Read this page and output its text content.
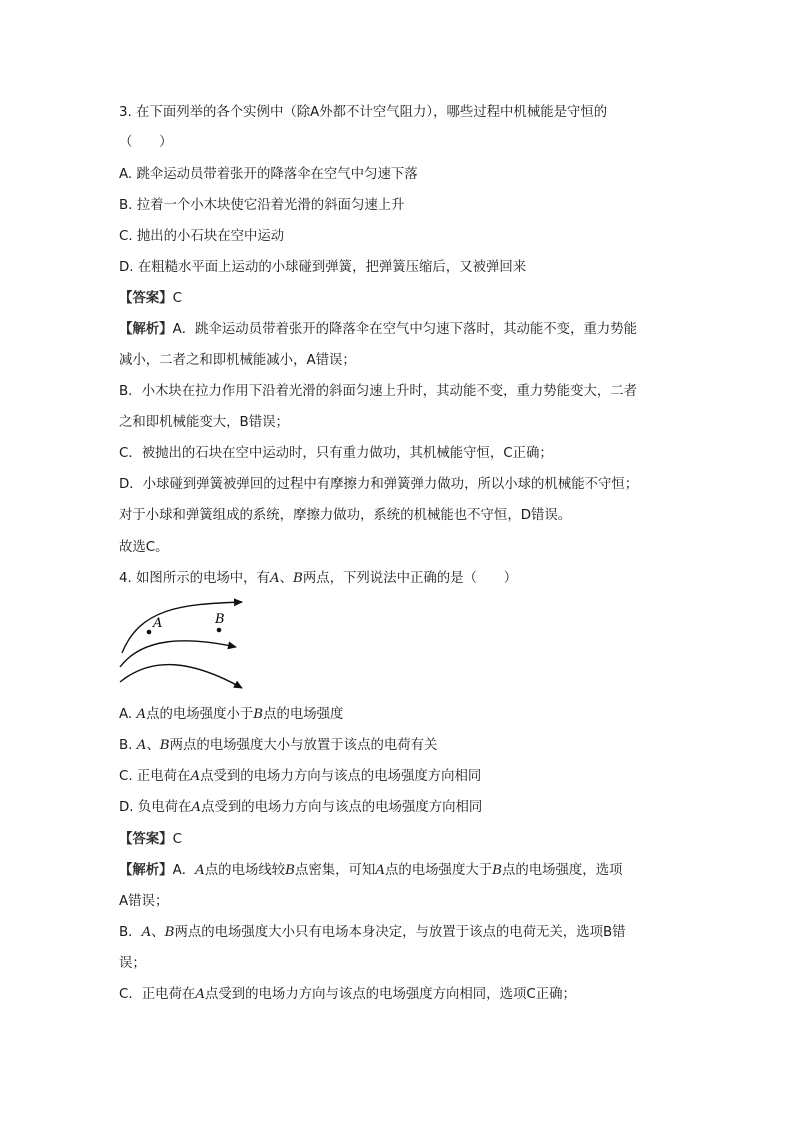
3. 在下面列举的各个实例中（除A外都不计空气阻力），哪些过程中机械能是守恒的
（　　）
A. 跳伞运动员带着张开的降落伞在空气中匀速下落
B. 拉着一个小木块使它沿着光滑的斜面匀速上升
C. 抛出的小石块在空中运动
D. 在粗糙水平面上运动的小球碰到弹簧，把弹簧压缩后，又被弹回来
【答案】C
【解析】A．跳伞运动员带着张开的降落伞在空气中匀速下落时，其动能不变，重力势能
减小，二者之和即机械能减小，A错误；
B．小木块在拉力作用下沿着光滑的斜面匀速上升时，其动能不变，重力势能变大，二者
之和即机械能变大，B错误；
C．被抛出的石块在空中运动时，只有重力做功，其机械能守恒，C正确；
D．小球碰到弹簧被弹回的过程中有摩擦力和弹簧弹力做功，所以小球的机械能不守恒；
对于小球和弹簧组成的系统，摩擦力做功，系统的机械能也不守恒，D错误。
故选C。
4. 如图所示的电场中，有A、B两点，下列说法中正确的是（　　）
A	B
A. A点的电场强度小于B点的电场强度
B. A、B两点的电场强度大小与放置于该点的电荷有关
C. 正电荷在A点受到的电场力方向与该点的电场强度方向相同
D. 负电荷在A点受到的电场力方向与该点的电场强度方向相同
【答案】C
【解析】A．A点的电场线较B点密集，可知A点的电场强度大于B点的电场强度，选项
A错误；
B．A、B两点的电场强度大小只有电场本身决定，与放置于该点的电荷无关，选项B错
误；
C．正电荷在A点受到的电场力方向与该点的电场强度方向相同，选项C正确；
